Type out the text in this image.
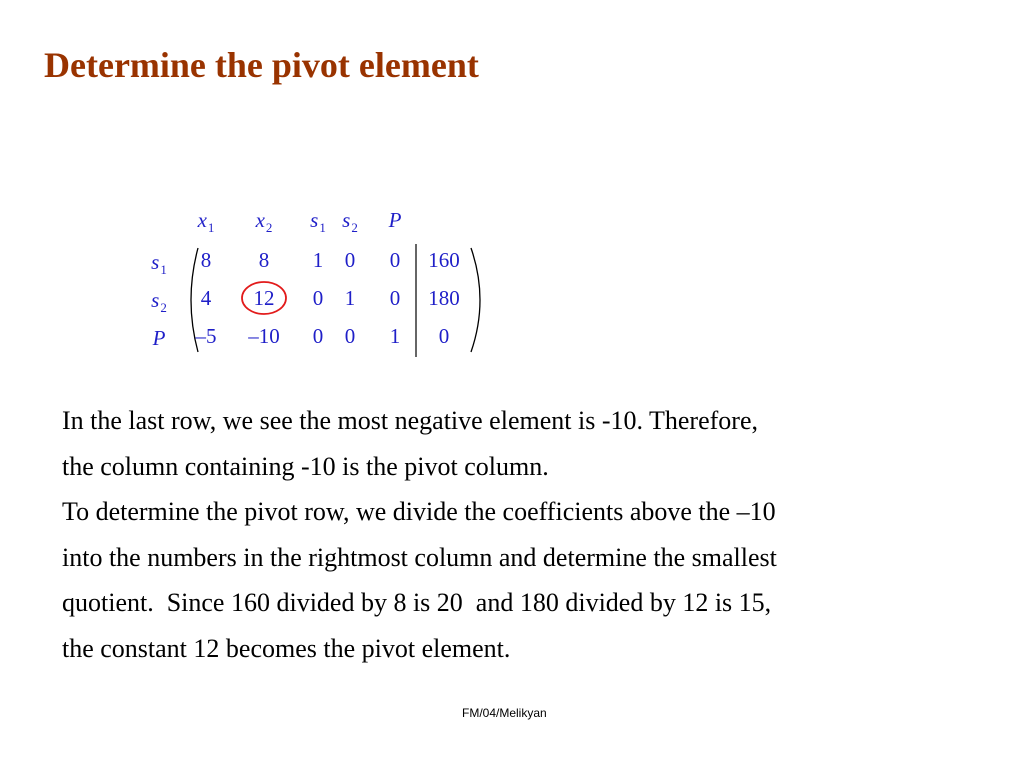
Determine the pivot element
$x_1$ $x_2$ $s_1$ $s_2$ P
$s_1$
$s_2$
P
8 8 1 0 0 160
4 12 0 1 0 180
–5 –10 0 0 1 0
In the last row, we see the most negative element is -10. Therefore,
the column containing -10 is the pivot column.
To determine the pivot row, we divide the coefficients above the –10
into the numbers in the rightmost column and determine the smallest
quotient.  Since 160 divided by 8 is 20  and 180 divided by 12 is 15,
the constant 12 becomes the pivot element.
FM/04/Melikyan
